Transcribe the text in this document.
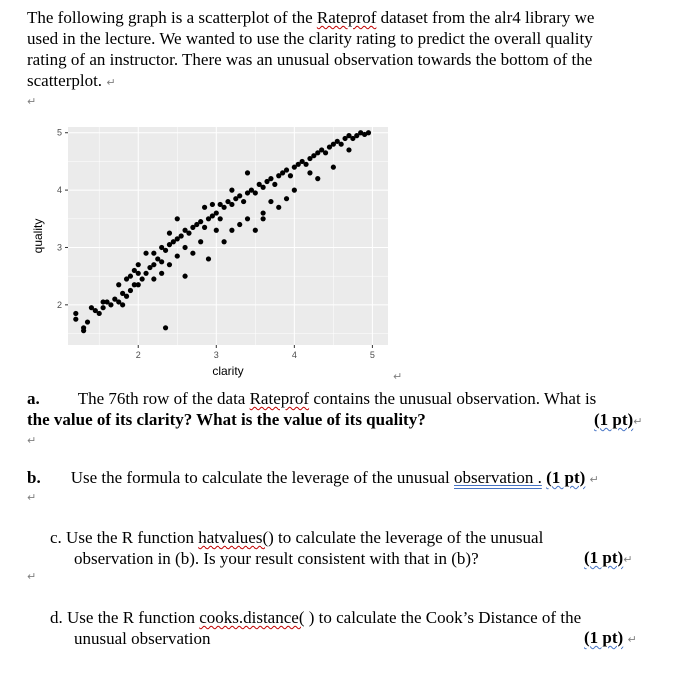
The following graph is a scatterplot of the Rateprof dataset from the alr4 library we
used in the lecture. We wanted to use the clarity rating to predict the overall quality
rating of an instructor. There was an unusual observation towards the bottom of the
scatterplot. ↵
↵
2	3	4	5
2
3
4
5
clarity
quality
↵
a. The 76th row of the data Rateprof contains the unusual observation. What is
the value of its clarity? What is the value of its quality?	(1 pt)↵
↵
b. Use the formula to calculate the leverage of the unusual observation . (1 pt) ↵
↵
c. Use the R function hatvalues() to calculate the leverage of the unusual
observation in (b). Is your result consistent with that in (b)?	(1 pt)↵
↵
d. Use the R function cooks.distance( ) to calculate the Cook’s Distance of the
unusual observation	(1 pt) ↵
